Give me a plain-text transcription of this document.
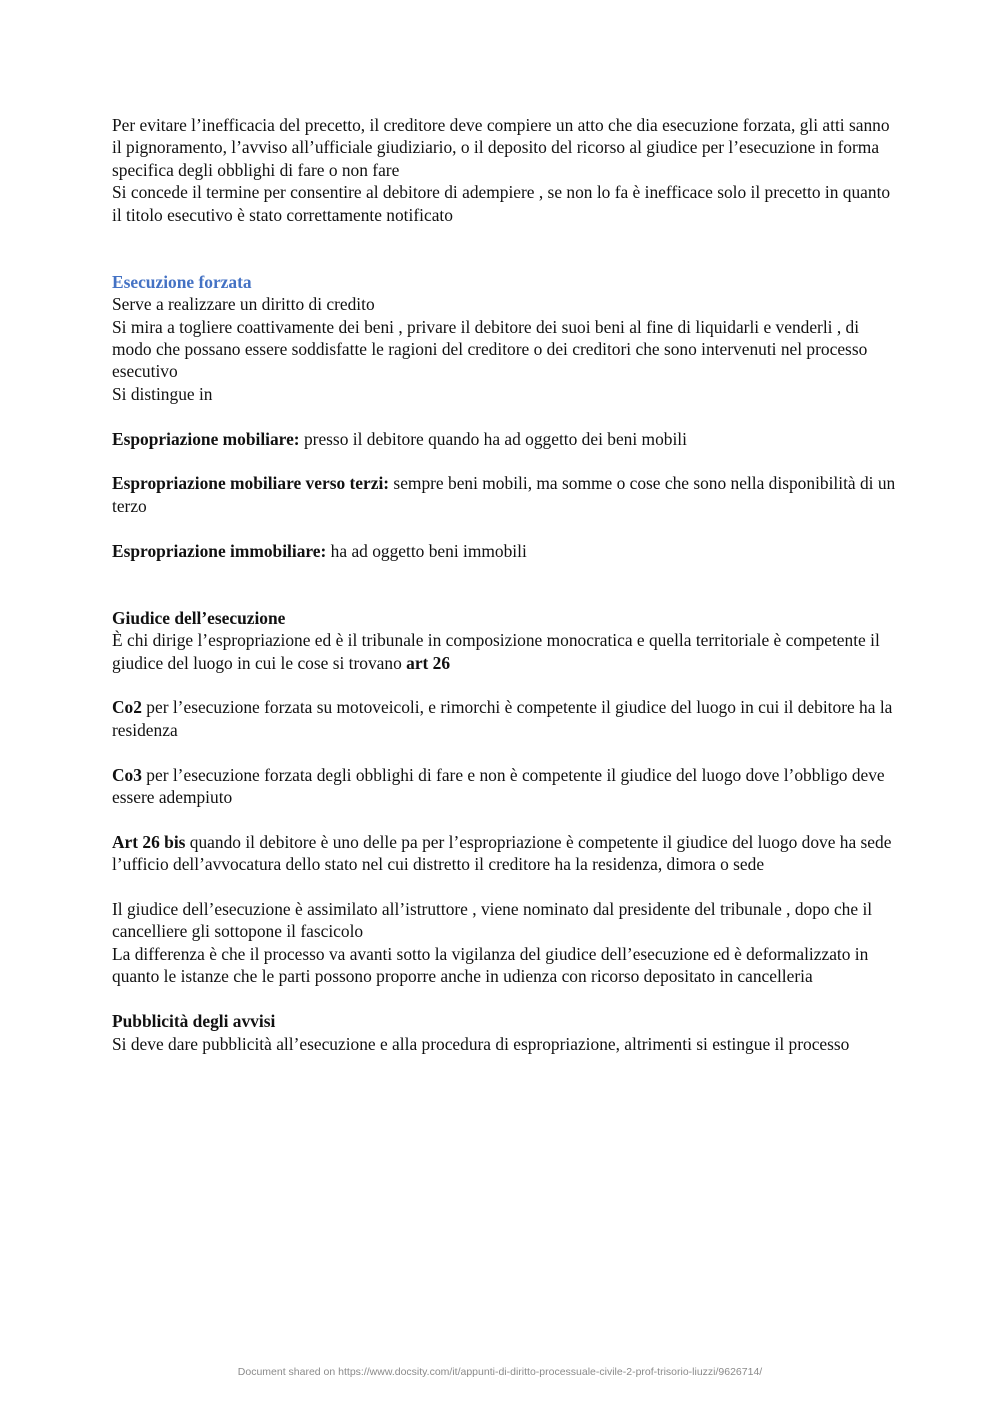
Per evitare l’inefficacia del precetto, il creditore deve compiere un atto che dia esecuzione forzata, gli atti sanno il pignoramento, l’avviso all’ufficiale giudiziario, o il deposito del ricorso al giudice per l’esecuzione in forma specifica degli obblighi di fare o non fare

Si concede il termine per consentire al debitore di adempiere , se non lo fa è inefficace solo il precetto in quanto il titolo esecutivo è stato correttamente notificato

Esecuzione forzata

Serve a realizzare un diritto di credito

Si mira a togliere coattivamente dei beni , privare il debitore dei suoi beni al fine di liquidarli e venderli , di modo che possano essere soddisfatte le ragioni del creditore o dei creditori che sono intervenuti nel processo esecutivo

Si distingue in

Espopriazione mobiliare: presso il debitore quando ha ad oggetto dei beni mobili

Espropriazione mobiliare verso terzi: sempre beni mobili, ma somme o cose che sono nella disponibilità di un terzo

Espropriazione immobiliare: ha ad oggetto beni immobili

Giudice dell’esecuzione

È chi dirige l’espropriazione ed è il tribunale in composizione monocratica e quella territoriale è competente il giudice del luogo in cui le cose si trovano art 26

Co2 per l’esecuzione forzata su motoveicoli, e rimorchi è competente il giudice del luogo in cui il debitore ha la residenza

Co3 per l’esecuzione forzata degli obblighi di fare e non è competente il giudice del luogo dove l’obbligo deve essere adempiuto

Art 26 bis quando il debitore è uno delle pa per l’espropriazione è competente il giudice del luogo dove ha sede l’ufficio dell’avvocatura dello stato nel cui distretto il creditore ha la residenza, dimora o sede

Il giudice dell’esecuzione è assimilato all’istruttore , viene nominato dal presidente del tribunale , dopo che il cancelliere gli sottopone il fascicolo

La differenza è che il processo va avanti sotto la vigilanza del giudice dell’esecuzione ed è deformalizzato in quanto le istanze che le parti possono proporre anche in udienza con ricorso depositato in cancelleria

Pubblicità degli avvisi

Si deve dare pubblicità all’esecuzione e alla procedura di espropriazione, altrimenti si estingue il processo

Document shared on https://www.docsity.com/it/appunti-di-diritto-processuale-civile-2-prof-trisorio-liuzzi/9626714/
